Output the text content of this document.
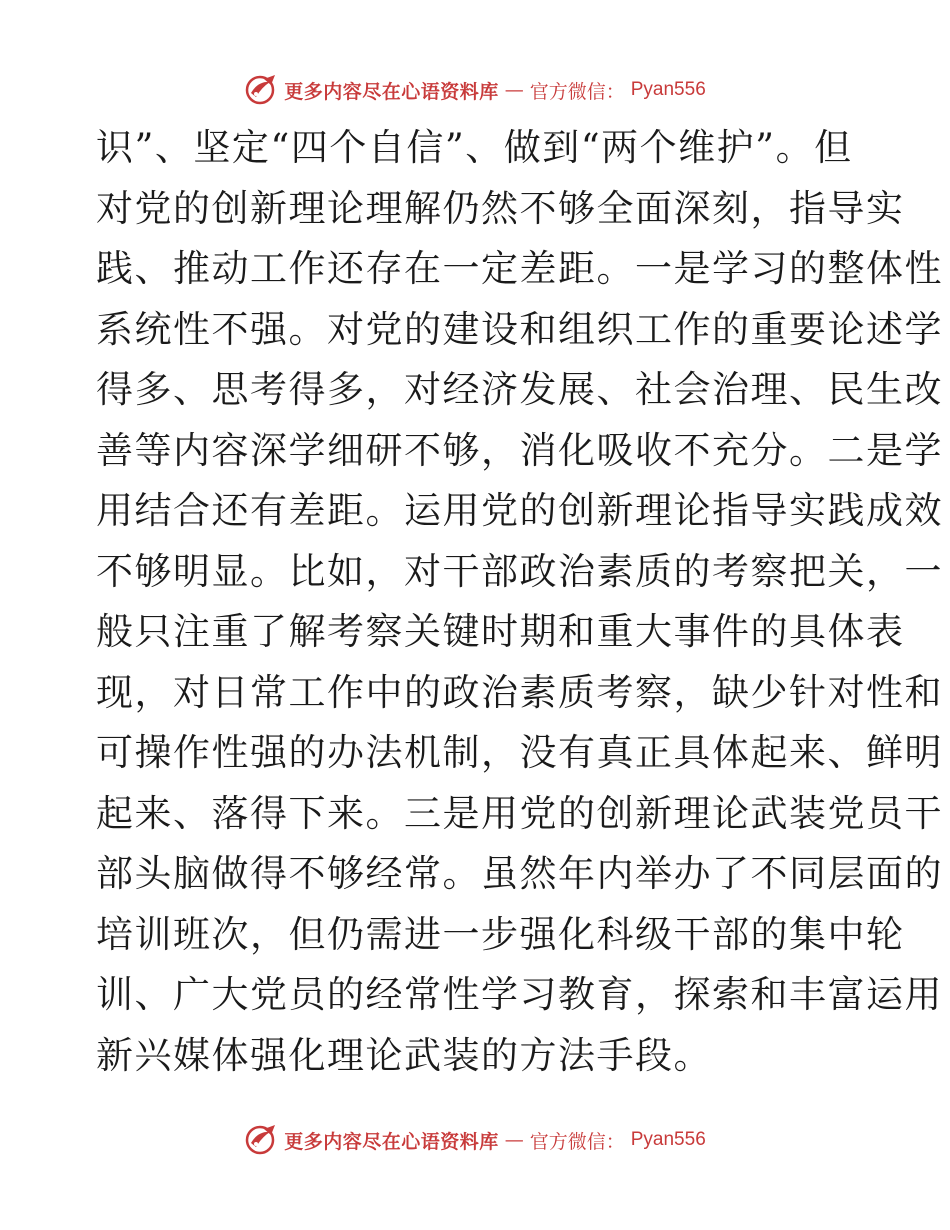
更多内容尽在心语资料库 — 官方微信： Pyan556
识”、坚定“四个自信”、做到“两个维护”。但
对党的创新理论理解仍然不够全面深刻，指导实
践、推动工作还存在一定差距。一是学习的整体性
系统性不强。对党的建设和组织工作的重要论述学
得多、思考得多，对经济发展、社会治理、民生改
善等内容深学细研不够，消化吸收不充分。二是学
用结合还有差距。运用党的创新理论指导实践成效
不够明显。比如，对干部政治素质的考察把关，一
般只注重了解考察关键时期和重大事件的具体表
现，对日常工作中的政治素质考察，缺少针对性和
可操作性强的办法机制，没有真正具体起来、鲜明
起来、落得下来。三是用党的创新理论武装党员干
部头脑做得不够经常。虽然年内举办了不同层面的
培训班次，但仍需进一步强化科级干部的集中轮
训、广大党员的经常性学习教育，探索和丰富运用
新兴媒体强化理论武装的方法手段。
更多内容尽在心语资料库 — 官方微信： Pyan556
